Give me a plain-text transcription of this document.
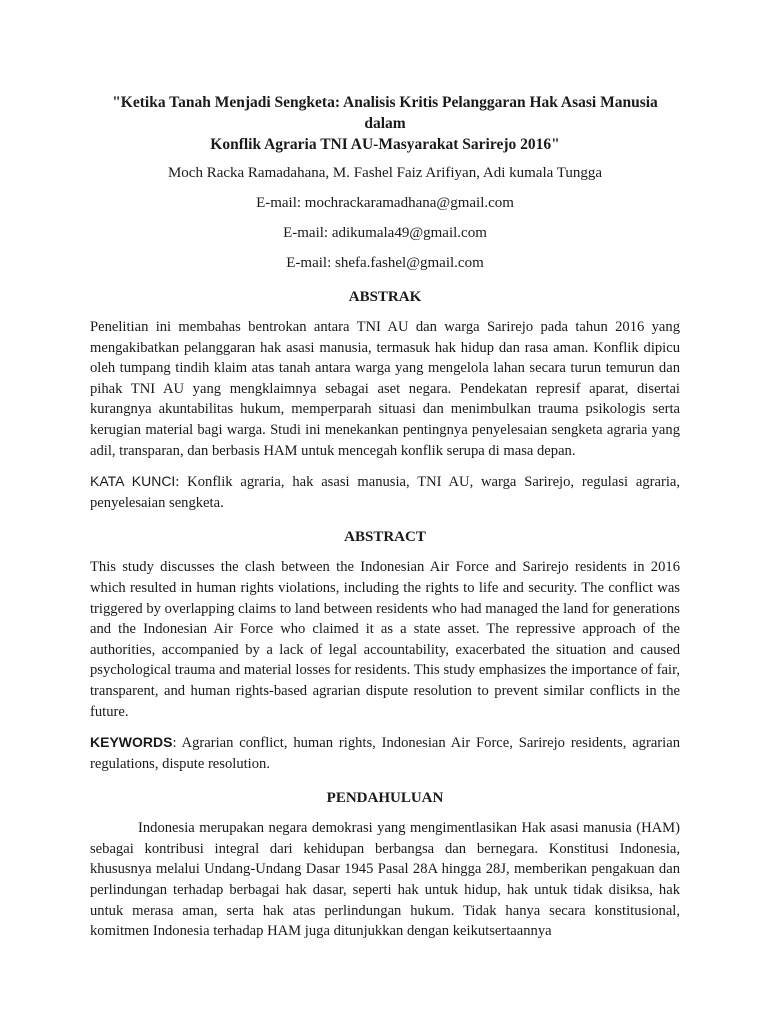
"Ketika Tanah Menjadi Sengketa: Analisis Kritis Pelanggaran Hak Asasi Manusia dalam
Konflik Agraria TNI AU-Masyarakat Sarirejo 2016"
Moch Racka Ramadahana, M. Fashel Faiz Arifiyan, Adi kumala Tungga
E-mail: mochrackaramadhana@gmail.com
E-mail: adikumala49@gmail.com
E-mail: shefa.fashel@gmail.com
ABSTRAK

Penelitian ini membahas bentrokan antara TNI AU dan warga Sarirejo pada tahun 2016 yang mengakibatkan pelanggaran hak asasi manusia, termasuk hak hidup dan rasa aman. Konflik dipicu oleh tumpang tindih klaim atas tanah antara warga yang mengelola lahan secara turun temurun dan pihak TNI AU yang mengklaimnya sebagai aset negara. Pendekatan represif aparat, disertai kurangnya akuntabilitas hukum, memperparah situasi dan menimbulkan trauma psikologis serta kerugian material bagi warga. Studi ini menekankan pentingnya penyelesaian sengketa agraria yang adil, transparan, dan berbasis HAM untuk mencegah konflik serupa di masa depan.

KATA KUNCI: Konflik agraria, hak asasi manusia, TNI AU, warga Sarirejo, regulasi agraria, penyelesaian sengketa.

ABSTRACT

This study discusses the clash between the Indonesian Air Force and Sarirejo residents in 2016 which resulted in human rights violations, including the rights to life and security. The conflict was triggered by overlapping claims to land between residents who had managed the land for generations and the Indonesian Air Force who claimed it as a state asset. The repressive approach of the authorities, accompanied by a lack of legal accountability, exacerbated the situation and caused psychological trauma and material losses for residents. This study emphasizes the importance of fair, transparent, and human rights-based agrarian dispute resolution to prevent similar conflicts in the future.

KEYWORDS: Agrarian conflict, human rights, Indonesian Air Force, Sarirejo residents, agrarian regulations, dispute resolution.

PENDAHULUAN

Indonesia merupakan negara demokrasi yang mengimentlasikan Hak asasi manusia (HAM) sebagai kontribusi integral dari kehidupan berbangsa dan bernegara. Konstitusi Indonesia, khususnya melalui Undang-Undang Dasar 1945 Pasal 28A hingga 28J, memberikan pengakuan dan perlindungan terhadap berbagai hak dasar, seperti hak untuk hidup, hak untuk tidak disiksa, hak untuk merasa aman, serta hak atas perlindungan hukum. Tidak hanya secara konstitusional, komitmen Indonesia terhadap HAM juga ditunjukkan dengan keikutsertaannya
